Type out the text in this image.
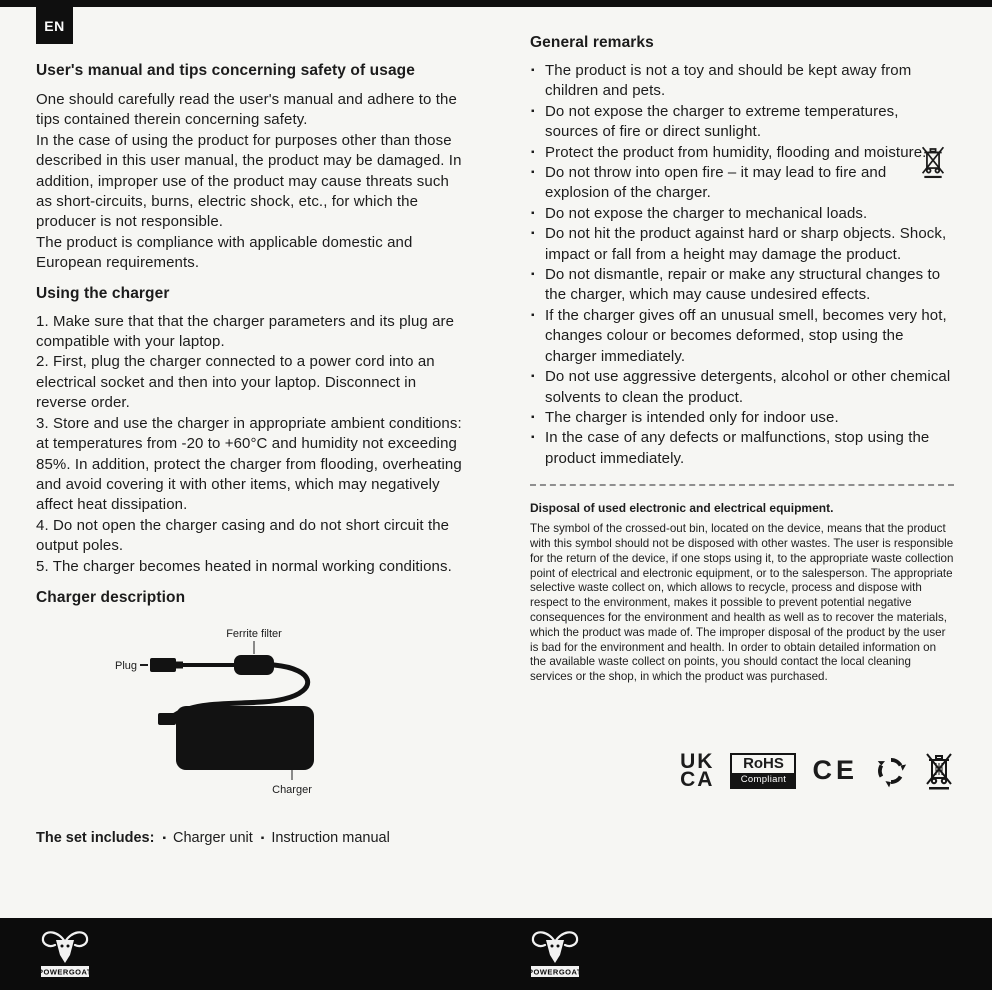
EN
User's manual and tips concerning safety of usage

One should carefully read the user's manual and adhere to the tips contained therein concerning safety.

In the case of using the product for purposes other than those described in this user manual, the product may be damaged. In addition, improper use of the product may cause threats such as short-circuits, burns, electric shock, etc., for which the producer is not responsible.

The product is compliance with applicable domestic and European requirements.

Using the charger

1. Make sure that that the charger parameters and its plug are compatible with your laptop.

2. First, plug the charger connected to a power cord into an electrical socket and then into your laptop. Disconnect in reverse order.

3. Store and use the charger in appropriate ambient conditions: at temperatures from -20 to +60°C and humidity not exceeding 85%. In addition, protect the charger from flooding, overheating and avoid covering it with other items, which may negatively affect heat dissipation.

4. Do not open the charger casing and do not short circuit the output poles.

5. The charger becomes heated in normal working conditions.

Charger description
Ferrite filter
Plug
Charger

The set includes: ▪ Charger unit ▪ Instruction manual

General remarks
▪ The product is not a toy and should be kept away from children and pets.
▪ Do not expose the charger to extreme temperatures, sources of fire or direct sunlight.
▪ Protect the product from humidity, flooding and moisture.
▪ Do not throw into open fire – it may lead to fire and explosion of the charger.
▪ Do not expose the charger to mechanical loads.
▪ Do not hit the product against hard or sharp objects. Shock, impact or fall from a height may damage the product.
▪ Do not dismantle, repair or make any structural changes to the charger, which may cause undesired effects.
▪ If the charger gives off an unusual smell, becomes very hot, changes colour or becomes deformed, stop using the charger immediately.
▪ Do not use aggressive detergents, alcohol or other chemical solvents to clean the product.
▪ The charger is intended only for indoor use.
▪ In the case of any defects or malfunctions, stop using the product immediately.
Disposal of used electronic and electrical equipment.

The symbol of the crossed-out bin, located on the device, means that the product with this symbol should not be disposed with other wastes. The user is responsible for the return of the device, if one stops using it, to the appropriate waste collection point of electrical and electronic equipment, or to the salesperson. The appropriate selective waste collect on, which allows to recycle, process and dispose with respect to the environment, makes it possible to prevent potential negative consequences for the environment and health as well as to recover the materials, which the product was made of. The improper disposal of the product by the user is bad for the environment and health. In order to obtain detailed information on the available waste collect on points, you should contact the local cleaning services or the shop, in which the product was purchased.

UK
CA
RoHS
Compliant CE
POWERGOAT	POWERGOAT
